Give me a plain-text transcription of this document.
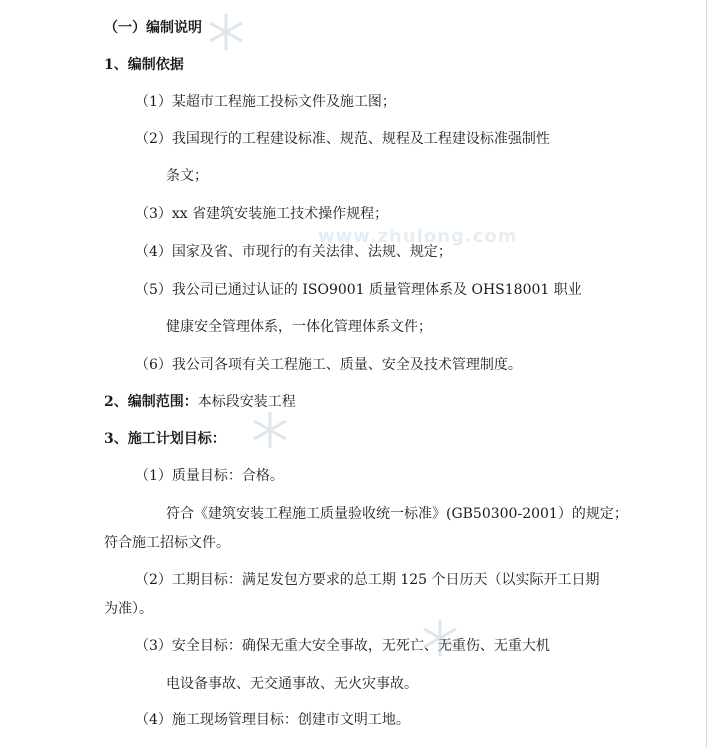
www.zhulong.com
（一）编制说明
1、编制依据
（1）某超市工程施工投标文件及施工图；
（2）我国现行的工程建设标准、规范、规程及工程建设标准强制性
条文；
（3）xx 省建筑安装施工技术操作规程；
（4）国家及省、市现行的有关法律、法规、规定；
（5）我公司已通过认证的 ISO9001 质量管理体系及 OHS18001 职业
健康安全管理体系，一体化管理体系文件；
（6）我公司各项有关工程施工、质量、安全及技术管理制度。
2、编制范围：本标段安装工程
3、施工计划目标：
（1）质量目标：合格。
符合《建筑安装工程施工质量验收统一标准》(GB50300-2001）的规定；
符合施工招标文件。
（2）工期目标：满足发包方要求的总工期 125 个日历天（以实际开工日期
为准）。
（3）安全目标：确保无重大安全事故，无死亡、无重伤、无重大机
电设备事故、无交通事故、无火灾事故。
（4）施工现场管理目标：创建市文明工地。
